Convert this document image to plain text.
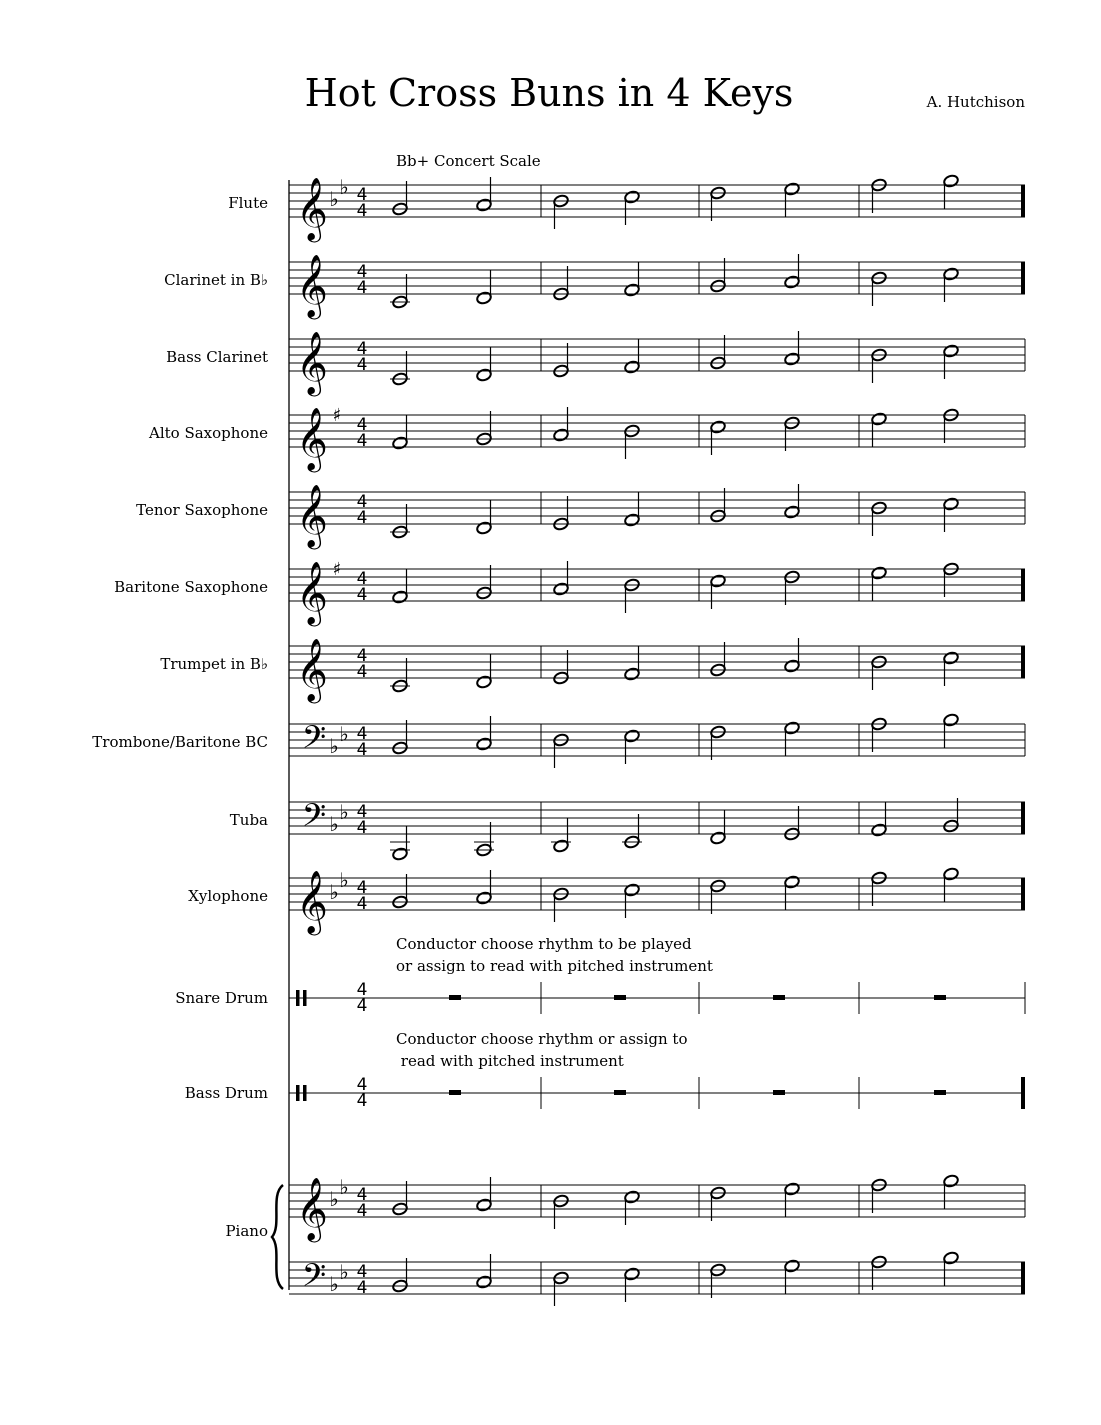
Hot Cross Buns in 4 Keys	A. Hutchison
Bb+ Concert Scale
Flute
Clarinet in B♭
Bass Clarinet
Alto Saxophone
Tenor Saxophone
Baritone Saxophone
Trumpet in B♭
Trombone/Baritone BC
Tuba
Xylophone
Snare Drum
Bass Drum
Piano
Conductor choose rhythm to be played
or assign to read with pitched instrument
Conductor choose rhythm or assign to
read with pitched instrument
𝄞 ♭ ♭ 4
4
𝄞 4
4
𝄞 4
4
𝄞 ♯ 4
4
𝄞 4
4
𝄞 ♯ 4
4
𝄞 4
4
𝄢 ♭ ♭ 4
4
𝄢 ♭ ♭ 4
4
𝄞 ♭ ♭ 4
4
4
4
4
4
𝄞 ♭ ♭ 4
4
𝄢 ♭ ♭ 4
4
